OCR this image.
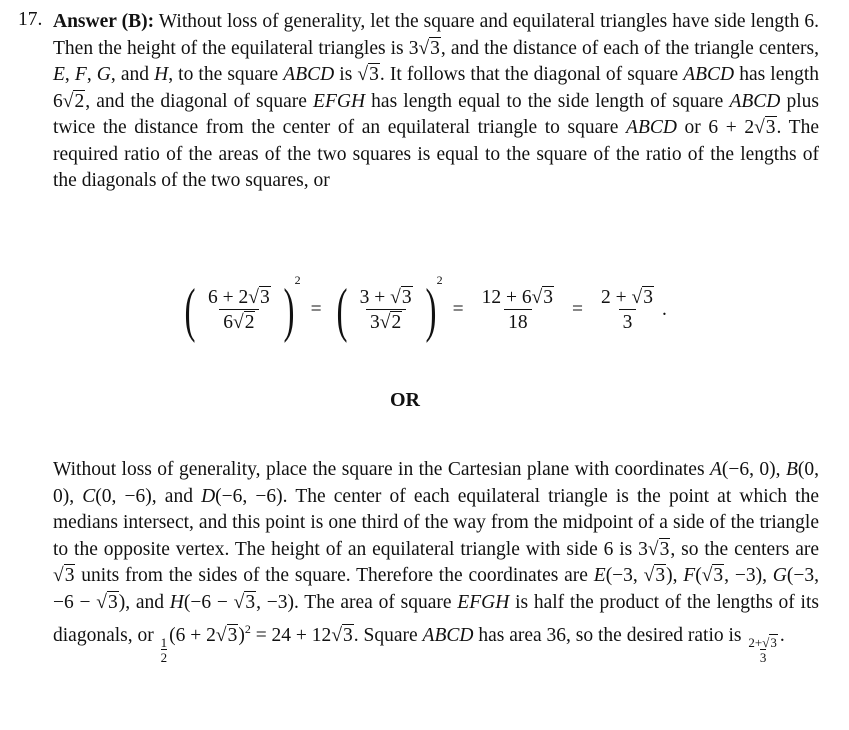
17. Answer (B): Without loss of generality, let the square and equilateral triangles have side length 6. Then the height of the equilateral triangles is 3√3, and the distance of each of the triangle centers, E, F, G, and H, to the square ABCD is √3. It follows that the diagonal of square ABCD has length 6√2, and the diagonal of square EFGH has length equal to the side length of square ABCD plus twice the distance from the center of an equilateral triangle to square ABCD or 6 + 2√3. The required ratio of the areas of the two squares is equal to the square of the ratio of the lengths of the diagonals of the two squares, or

( $\frac{6 + 2√3}{6√2}$ ) 2
= ( $\frac{3 + √3}{3√2}$ ) 2
= $\frac{12 + 6√3}{18} = \frac{2 + √3}{3}$ .
OR

Without loss of generality, place the square in the Cartesian plane with coordinates A(−6, 0), B(0, 0), C(0, −6), and D(−6, −6). The center of each equilateral triangle is the point at which the medians intersect, and this point is one third of the way from the midpoint of a side of the triangle to the opposite vertex. The height of an equilateral triangle with side 6 is 3√3, so the centers are √3 units from the sides of the square. Therefore the coordinates are E(−3, √3), F(√3, −3), G(−3, −6 − √3), and H(−6 − √3, −3). The area of square EFGH is half the product of the lengths of its diagonals, or
$\frac{1}{2}$
$(6 + 2√3)^2 = 24 + 12√3$. Square ABCD has area 36, so the desired ratio is
$\frac{2+√3}{3}$
.
